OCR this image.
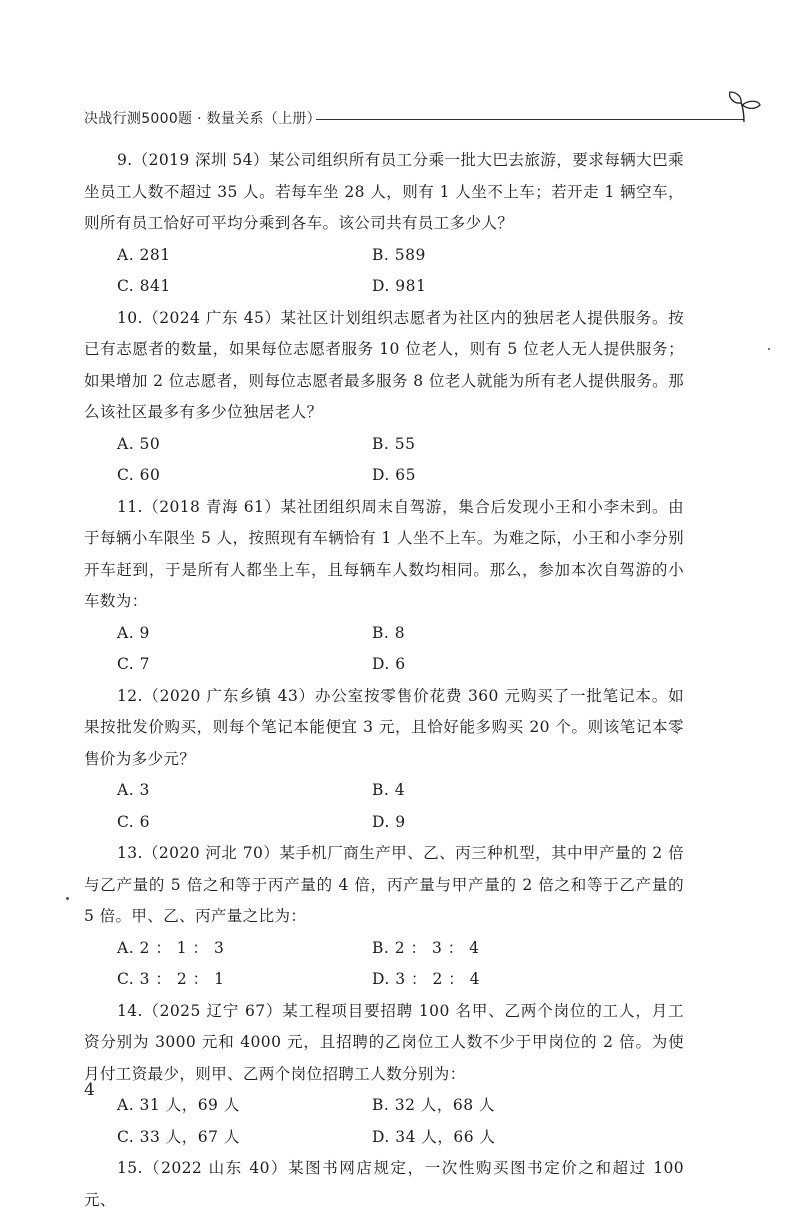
决战行测5000题 · 数量关系（上册）
9.（2019 深圳 54）某公司组织所有员工分乘一批大巴去旅游，要求每辆大巴乘坐员工人数不超过 35 人。若每车坐 28 人，则有 1 人坐不上车；若开走 1 辆空车，则所有员工恰好可平均分乘到各车。该公司共有员工多少人？
A. 281	B. 589
C. 841	D. 981
10.（2024 广东 45）某社区计划组织志愿者为社区内的独居老人提供服务。按已有志愿者的数量，如果每位志愿者服务 10 位老人，则有 5 位老人无人提供服务；如果增加 2 位志愿者，则每位志愿者最多服务 8 位老人就能为所有老人提供服务。那么该社区最多有多少位独居老人？
A. 50	B. 55
C. 60	D. 65
11.（2018 青海 61）某社团组织周末自驾游，集合后发现小王和小李未到。由于每辆小车限坐 5 人，按照现有车辆恰有 1 人坐不上车。为难之际，小王和小李分别开车赶到，于是所有人都坐上车，且每辆车人数均相同。那么，参加本次自驾游的小车数为：
A. 9	B. 8
C. 7	D. 6
12.（2020 广东乡镇 43）办公室按零售价花费 360 元购买了一批笔记本。如果按批发价购买，则每个笔记本能便宜 3 元，且恰好能多购买 20 个。则该笔记本零售价为多少元？
A. 3	B. 4
C. 6	D. 9
13.（2020 河北 70）某手机厂商生产甲、乙、丙三种机型，其中甲产量的 2 倍与乙产量的 5 倍之和等于丙产量的 4 倍，丙产量与甲产量的 2 倍之和等于乙产量的 5 倍。甲、乙、丙产量之比为：
A. 2 ： 1 ： 3	B. 2 ： 3 ： 4
C. 3 ： 2 ： 1	D. 3 ： 2 ： 4
14.（2025 辽宁 67）某工程项目要招聘 100 名甲、乙两个岗位的工人，月工资分别为 3000 元和 4000 元，且招聘的乙岗位工人数不少于甲岗位的 2 倍。为使月付工资最少，则甲、乙两个岗位招聘工人数分别为：
A. 31 人，69 人	B. 32 人，68 人
C. 33 人，67 人	D. 34 人，66 人
15.（2022 山东 40）某图书网店规定，一次性购买图书定价之和超过 100 元、
4
